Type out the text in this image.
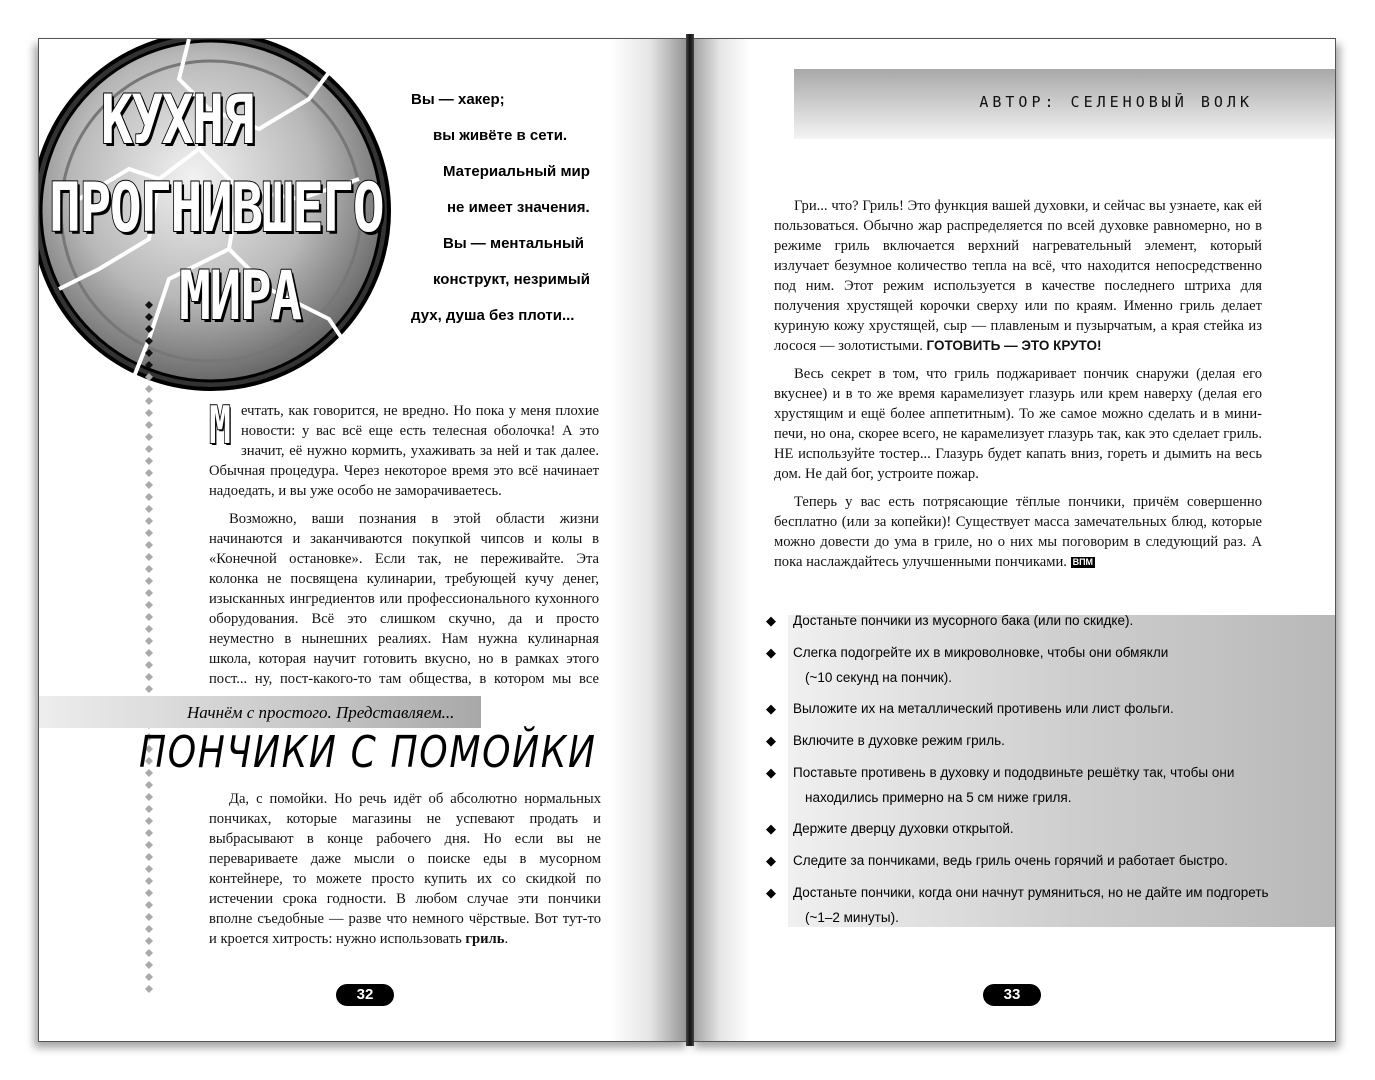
КУХНЯ
ПРОГНИВШЕГО
МИРА
Вы — хакер;
вы живёте в сети.
Материальный мир
не имеет значения.
Вы — ментальный
конструкт, незримый
дух, душа без плоти...

Мечтать, как говорится, не вредно. Но пока у меня плохие новости: у вас всё еще есть телесная оболочка! А это значит, её нужно кормить, ухаживать за ней и так далее. Обычная процедура. Через некоторое время это всё начинает надоедать, и вы уже особо не заморачиваетесь.

Возможно, ваши познания в этой области жизни начинаются и заканчиваются покупкой чипсов и колы в «Конечной остановке». Если так, не переживайте. Эта колонка не посвящена кулинарии, требующей кучу денег, изысканных ингредиентов или профессионального кухонного оборудования. Всё это слишком скучно, да и просто неуместно в нынешних реалиях. Нам нужна кулинарная школа, которая научит готовить вкусно, но в рамках этого пост... ну, пост-какого-то там общества, в котором мы все

Начнём с простого. Представляем...
ПОНЧИКИ С ПОМОЙКИ

Да, с помойки. Но речь идёт об абсолютно нормальных пончиках, которые магазины не успевают продать и выбрасывают в конце рабочего дня. Но если вы не перевариваете даже мысли о поиске еды в мусорном контейнере, то можете просто купить их со скидкой по истечении срока годности. В любом случае эти пончики вполне съедобные — разве что немного чёрствые. Вот тут-то и кроется хитрость: нужно использовать гриль.

32
АВТОР: СЕЛЕНОВЫЙ ВОЛК

Гри... что? Гриль! Это функция вашей духовки, и сейчас вы узнаете, как ей пользоваться. Обычно жар распределяется по всей духовке равномерно, но в режиме гриль включается верхний нагревательный элемент, который излучает безумное количество тепла на всё, что находится непосредственно под ним. Этот режим используется в качестве последнего штриха для получения хрустящей корочки сверху или по краям. Именно гриль делает куриную кожу хрустящей, сыр — плавленым и пузырчатым, а края стейка из лосося — золотистыми. ГОТОВИТЬ — ЭТО КРУТО!

Весь секрет в том, что гриль поджаривает пончик снаружи (делая его вкуснее) и в то же время карамелизует глазурь или крем наверху (делая его хрустящим и ещё более аппетитным). То же самое можно сделать и в мини-печи, но она, скорее всего, не карамелизует глазурь так, как это сделает гриль. НЕ используйте тостер... Глазурь будет капать вниз, гореть и дымить на весь дом. Не дай бог, устроите пожар.

Теперь у вас есть потрясающие тёплые пончики, причём совершенно бесплатно (или за копейки)! Существует масса замечательных блюд, которые можно довести до ума в гриле, но о них мы поговорим в следующий раз. А пока наслаждайтесь улучшенными пончиками. ВПМ

◆ Достаньте пончики из мусорного бака (или по скидке).
◆ Слегка подогрейте их в микроволновке, чтобы они обмякли
(~10 секунд на пончик).
◆ Выложите их на металлический противень или лист фольги.
◆ Включите в духовке режим гриль.
◆ Поставьте противень в духовку и пододвиньте решётку так, чтобы они
находились примерно на 5 см ниже гриля.
◆ Держите дверцу духовки открытой.
◆ Следите за пончиками, ведь гриль очень горячий и работает быстро.
◆ Достаньте пончики, когда они начнут румяниться, но не дайте им подгореть
(~1–2 минуты).
33
